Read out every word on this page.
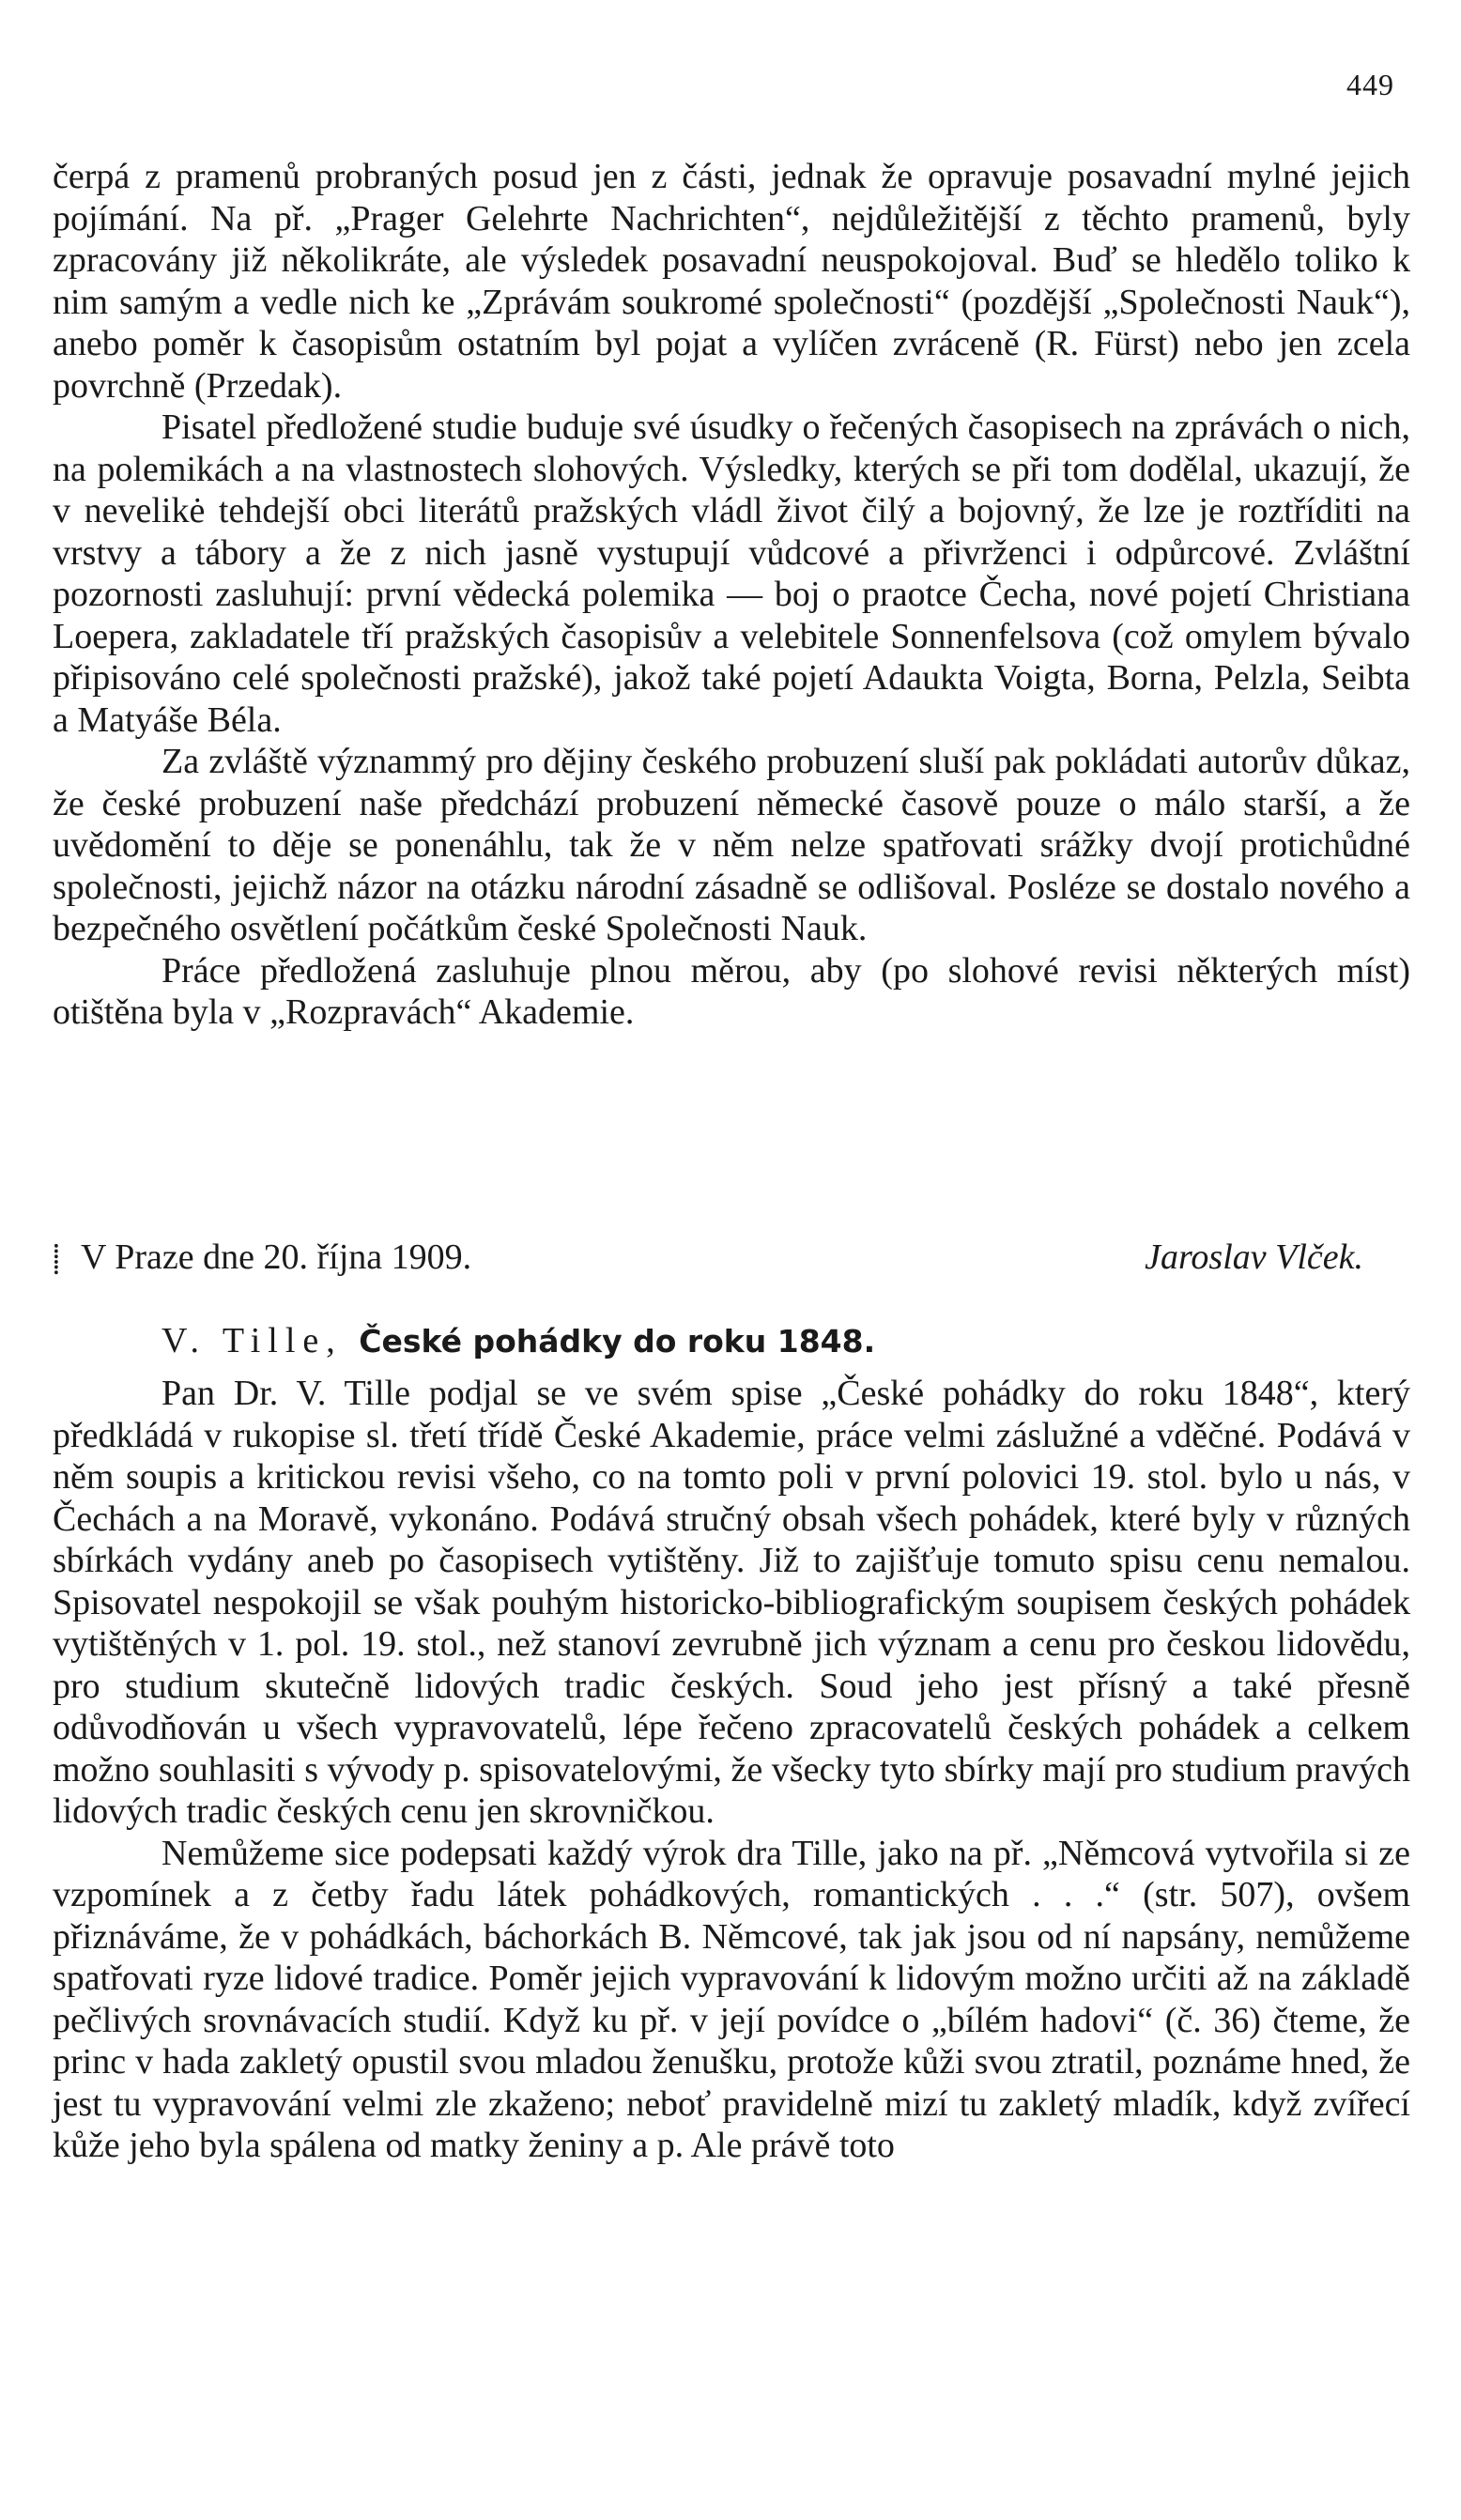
449

čerpá z pramenů probraných posud jen z části, jednak že opravuje posavadní mylné jejich pojímání. Na př. „Prager Gelehrte Nachrichten“, nejdůležitější z těchto pramenů, byly zpracovány již několikráte, ale výsledek posavadní neuspokojoval. Buď se hledělo toliko k nim samým a vedle nich ke „Zprávám soukromé společnosti“ (pozdější „Společnosti Nauk“), anebo poměr k časopisům ostatním byl pojat a vylíčen zvráceně (R. Fürst) nebo jen zcela povrchně (Przedak).

Pisatel předložené studie buduje své úsudky o řečených časopisech na zprávách o nich, na polemikách a na vlastnostech slohových. Výsledky, kterých se při tom dodělal, ukazují, že v nevelikė tehdejší obci literátů pražských vládl život čilý a bojovný, že lze je roztříditi na vrstvy a tábory a že z nich jasně vystupují vůdcové a přivrženci i odpůrcové. Zvláštní pozornosti zasluhují: první vědecká polemika — boj o praotce Čecha, nové pojetí Christiana Loepera, zakladatele tří pražských časopisův a velebitele Sonnenfelsova (což omylem bývalo připisováno celé společnosti pražské), jakož také pojetí Adaukta Voigta, Borna, Pelzla, Seibta a Matyáše Béla.

Za zvláště význammý pro dějiny českého probuzení sluší pak pokládati autorův důkaz, že české probuzení naše předchází probuzení německé časově pouze o málo starší, a že uvědomění to děje se ponenáhlu, tak že v něm nelze spatřovati srážky dvojí protichůdné společnosti, jejichž názor na otázku národní zásadně se odlišoval. Posléze se dostalo nového a bezpečného osvětlení počátkům české Společnosti Nauk.

Práce předložená zasluhuje plnou měrou, aby (po slohové revisi některých míst) otištěna byla v „Rozpravách“ Akademie.

⸽ V Praze dne 20. října 1909.	Jaroslav Vlček.
V. Tille, České pohádky do roku 1848.

Pan Dr. V. Tille podjal se ve svém spise „České pohádky do roku 1848“, který předkládá v rukopise sl. třetí třídě České Akademie, práce velmi záslužné a vděčné. Podává v něm soupis a kritickou revisi všeho, co na tomto poli v první polovici 19. stol. bylo u nás, v Čechách a na Moravě, vykonáno. Podává stručný obsah všech pohádek, které byly v různých sbírkách vydány aneb po časopisech vytištěny. Již to zajišťuje tomuto spisu cenu nemalou. Spisovatel nespokojil se však pouhým historicko-bibliografickým soupisem českých pohádek vytištěných v 1. pol. 19. stol., než stanoví zevrubně jich význam a cenu pro českou lidovědu, pro studium skutečně lidových tradic českých. Soud jeho jest přísný a také přesně odůvodňován u všech vypravovatelů, lépe řečeno zpracovatelů českých pohádek a celkem možno souhlasiti s vývody p. spisovatelovými, že všecky tyto sbírky mají pro studium pravých lidových tradic českých cenu jen skrovničkou.

Nemůžeme sice podepsati každý výrok dra Tille, jako na př. „Němcová vytvořila si ze vzpomínek a z četby řadu látek pohádkových, romantických . . .“ (str. 507), ovšem přiznáváme, že v pohádkách, báchorkách B. Němcové, tak jak jsou od ní napsány, nemůžeme spatřovati ryze lidové tradice. Poměr jejich vypravování k lidovým možno určiti až na základě pečlivých srovnávacích studií. Když ku př. v její povídce o „bílém hadovi“ (č. 36) čteme, že princ v hada zakletý opustil svou mladou ženušku, protože kůži svou ztratil, poznáme hned, že jest tu vypravování velmi zle zkaženo; neboť pravidelně mizí tu zakletý mladík, když zvířecí kůže jeho byla spálena od matky ženiny a p. Ale právě toto
